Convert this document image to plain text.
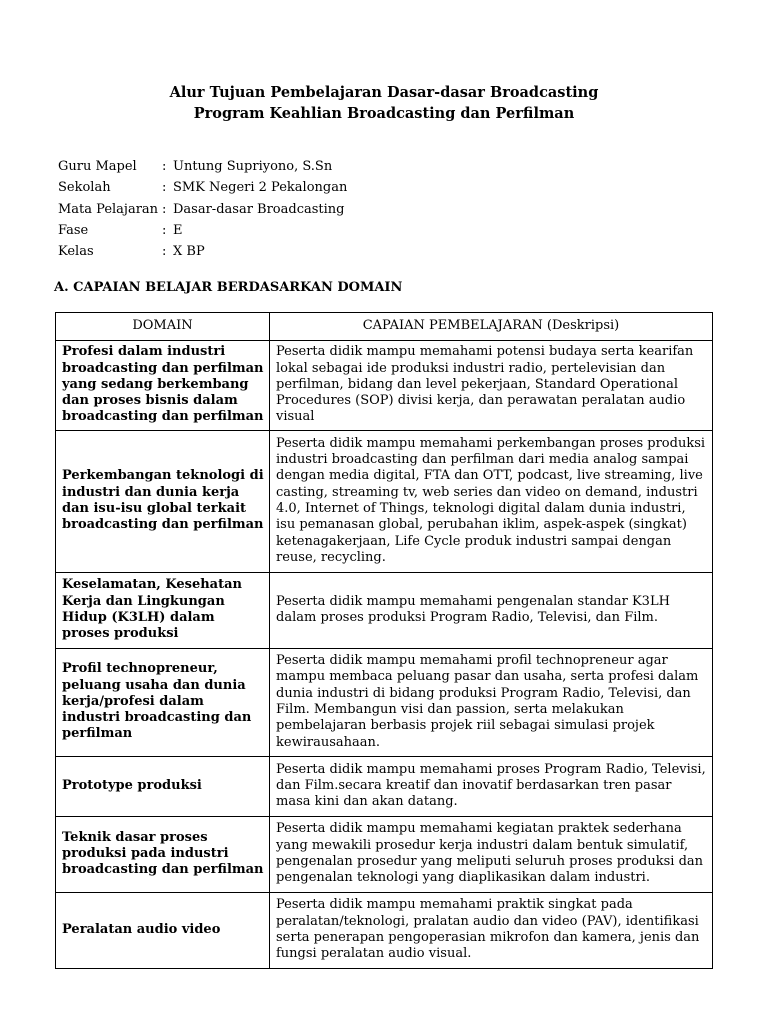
Alur Tujuan Pembelajaran Dasar-dasar Broadcasting
Program Keahlian Broadcasting dan Perfilman
Guru Mapel	: Untung Supriyono, S.Sn
Sekolah	: SMK Negeri 2 Pekalongan
Mata Pelajaran : Dasar-dasar Broadcasting
Fase	: E
Kelas	: X BP
A. CAPAIAN BELAJAR BERDASARKAN DOMAIN
DOMAIN	CAPAIAN PEMBELAJARAN (Deskripsi)
Profesi dalam industri broadcasting dan perfilman yang sedang berkembang dan proses bisnis dalam broadcasting dan perfilman	Peserta didik mampu memahami potensi budaya serta kearifan lokal sebagai ide produksi industri radio, pertelevisian dan perfilman, bidang dan level pekerjaan, Standard Operational Procedures (SOP) divisi kerja, dan perawatan peralatan audio visual
Perkembangan teknologi di industri dan dunia kerja dan isu-isu global terkait broadcasting dan perfilman	Peserta didik mampu memahami perkembangan proses produksi industri broadcasting dan perfilman dari media analog sampai dengan media digital, FTA dan OTT, podcast, live streaming, live casting, streaming tv, web series dan video on demand, industri 4.0, Internet of Things, teknologi digital dalam dunia industri, isu pemanasan global, perubahan iklim, aspek-aspek (singkat) ketenagakerjaan, Life Cycle produk industri sampai dengan reuse, recycling.
Keselamatan, Kesehatan Kerja dan Lingkungan Hidup (K3LH) dalam proses produksi	Peserta didik mampu memahami pengenalan standar K3LH dalam proses produksi Program Radio, Televisi, dan Film.
Profil technopreneur, peluang usaha dan dunia kerja/profesi dalam industri broadcasting dan perfilman	Peserta didik mampu memahami profil technopreneur agar mampu membaca peluang pasar dan usaha, serta profesi dalam dunia industri di bidang produksi Program Radio, Televisi, dan Film. Membangun visi dan passion, serta melakukan pembelajaran berbasis projek riil sebagai simulasi projek kewirausahaan.
Prototype produksi	Peserta didik mampu memahami proses Program Radio, Televisi, dan Film.secara kreatif dan inovatif berdasarkan tren pasar masa kini dan akan datang.
Teknik dasar proses produksi pada industri broadcasting dan perfilman	Peserta didik mampu memahami kegiatan praktek sederhana yang mewakili prosedur kerja industri dalam bentuk simulatif, pengenalan prosedur yang meliputi seluruh proses produksi dan pengenalan teknologi yang diaplikasikan dalam industri.
Peralatan audio video	Peserta didik mampu memahami praktik singkat pada peralatan/teknologi, pralatan audio dan video (PAV), identifikasi serta penerapan pengoperasian mikrofon dan kamera, jenis dan fungsi peralatan audio visual.
